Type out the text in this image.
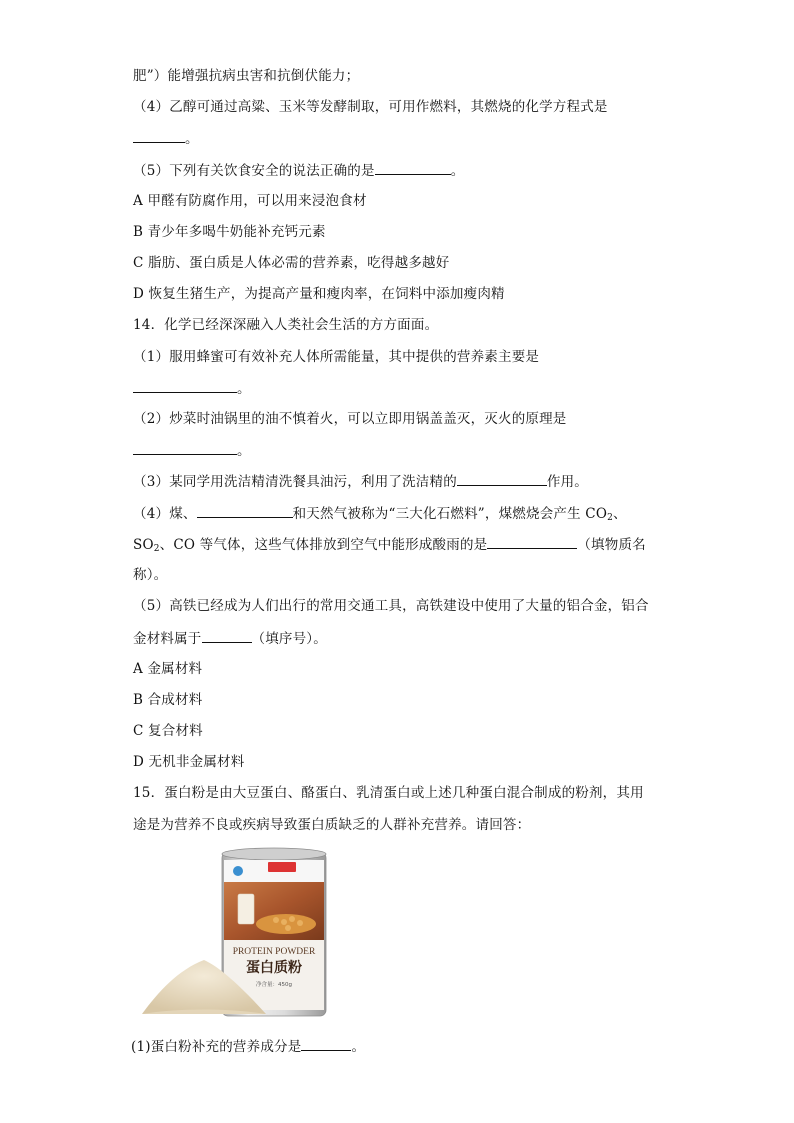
肥”）能增强抗病虫害和抗倒伏能力；
（4）乙醇可通过高粱、玉米等发酵制取，可用作燃料，其燃烧的化学方程式是
。
（5）下列有关饮食安全的说法正确的是	。
A 甲醛有防腐作用，可以用来浸泡食材
B 青少年多喝牛奶能补充钙元素
C 脂肪、蛋白质是人体必需的营养素，吃得越多越好
D 恢复生猪生产，为提高产量和瘦肉率，在饲料中添加瘦肉精
14．化学已经深深融入人类社会生活的方方面面。
（1）服用蜂蜜可有效补充人体所需能量，其中提供的营养素主要是
。
（2）炒菜时油锅里的油不慎着火，可以立即用锅盖盖灭，灭火的原理是
。
（3）某同学用洗洁精清洗餐具油污，利用了洗洁精的	作用。
（4）煤、	和天然气被称为“三大化石燃料”，煤燃烧会产生 $CO_2$、
$SO_2$、CO 等气体，这些气体排放到空气中能形成酸雨的是	（填物质名
称）。
（5）高铁已经成为人们出行的常用交通工具，高铁建设中使用了大量的铝合金，铝合
金材料属于	（填序号）。
A 金属材料
B 合成材料
C 复合材料
D 无机非金属材料
15．蛋白粉是由大豆蛋白、酪蛋白、乳清蛋白或上述几种蛋白混合制成的粉剂，其用
途是为营养不良或疾病导致蛋白质缺乏的人群补充营养。请回答：
PROTEIN POWDER
蛋白质粉
净含量：450g
(1)蛋白粉补充的营养成分是	。
